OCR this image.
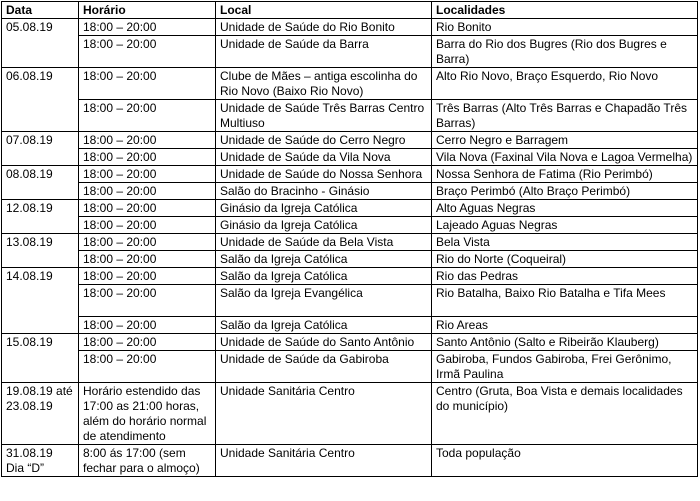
Data	Horário	Local	Localidades
05.08.19	18:00 – 20:00	Unidade de Saúde do Rio Bonito	Rio Bonito
	18:00 – 20:00	Unidade de Saúde da Barra	Barra do Rio dos Bugres (Rio dos Bugres e Barra)
06.08.19	18:00 – 20:00	Clube de Mães – antiga escolinha do Rio Novo (Baixo Rio Novo)	Alto Rio Novo, Braço Esquerdo, Rio Novo
	18:00 – 20:00	Unidade de Saúde Três Barras Centro Multiuso	Três Barras (Alto Três Barras e Chapadão Três Barras)
07.08.19	18:00 – 20:00	Unidade de Saúde do Cerro Negro	Cerro Negro e Barragem
	18:00 – 20:00	Unidade de Saúde da Vila Nova	Vila Nova (Faxinal Vila Nova e Lagoa Vermelha)
08.08.19	18:00 – 20:00	Unidade de Saúde do Nossa Senhora	Nossa Senhora de Fatima (Rio Perimbó)
	18:00 – 20:00	Salão do Bracinho - Ginásio	Braço Perimbó (Alto Braço Perimbó)
12.08.19	18:00 – 20:00	Ginásio da Igreja Católica	Alto Aguas Negras
	18:00 – 20:00	Ginásio da Igreja Católica	Lajeado Aguas Negras
13.08.19	18:00 – 20:00	Unidade de Saúde da Bela Vista	Bela Vista
	18:00 – 20:00	Salão da Igreja Católica	Rio do Norte (Coqueiral)
14.08.19	18:00 – 20:00	Salão da Igreja Católica	Rio das Pedras
	18:00 – 20:00	Salão da Igreja Evangélica	Rio Batalha, Baixo Rio Batalha e Tifa Mees
	18:00 – 20:00	Salão da Igreja Católica	Rio Areas
15.08.19	18:00 – 20:00	Unidade de Saúde do Santo Antônio	Santo Antônio (Salto e Ribeirão Klauberg)
	18:00 – 20:00	Unidade de Saúde da Gabiroba	Gabiroba, Fundos Gabiroba, Frei Gerônimo, Irmã Paulina
19.08.19 até 23.08.19	Horário estendido das 17:00 as 21:00 horas, além do horário normal de atendimento	Unidade Sanitária Centro	Centro (Gruta, Boa Vista e demais localidades do município)
31.08.19 Dia “D”	8:00 ás 17:00 (sem fechar para o almoço)	Unidade Sanitária Centro	Toda população
